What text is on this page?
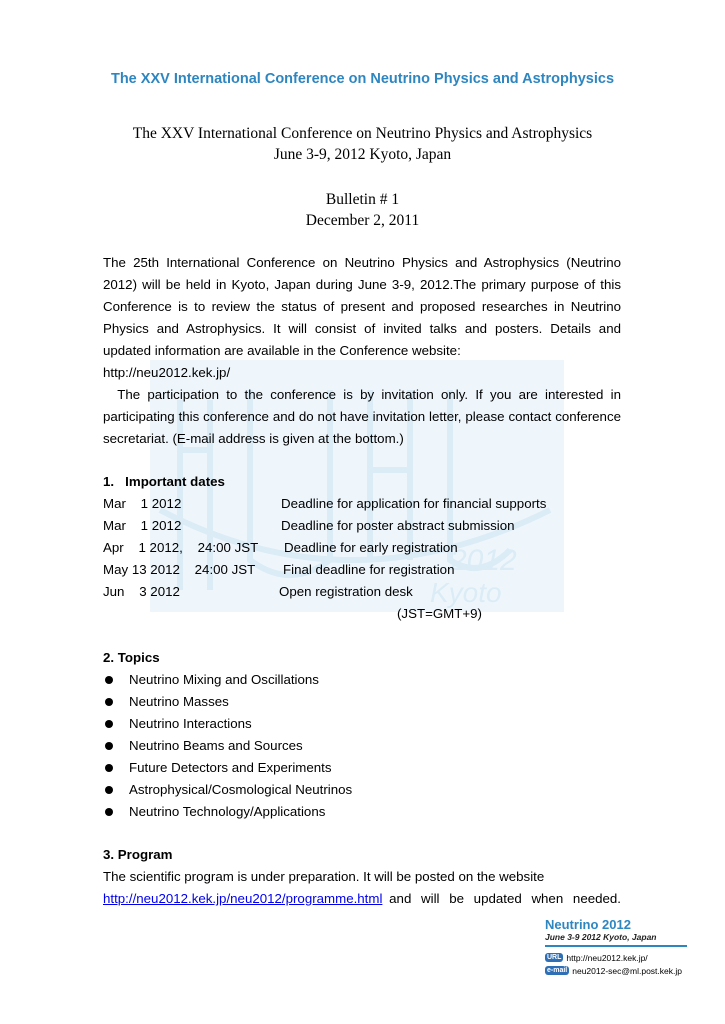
2012
Kyoto
The XXV International Conference on Neutrino Physics and Astrophysics
The XXV International Conference on Neutrino Physics and Astrophysics
June 3-9, 2012 Kyoto, Japan
Bulletin # 1
December 2, 2011

The 25th International Conference on Neutrino Physics and Astrophysics (Neutrino

2012) will be held in Kyoto, Japan during June 3-9, 2012.The primary purpose of this

Conference is to review the status of present and proposed researches in Neutrino

Physics and Astrophysics. It will consist of invited talks and posters. Details and

updated information are available in the Conference website:

http://neu2012.kek.jp/

The participation to the conference is by invitation only. If you are interested in

participating this conference and do not have invitation letter, please contact conference

secretariat. (E-mail address is given at the bottom.)

1.   Important dates
Mar    1 2012	Deadline for application for financial supports
Mar    1 2012	Deadline for poster abstract submission
Apr    1 2012,    24:00 JST Deadline for early registration
May 13 2012    24:00 JST Final deadline for registration
Jun    3 2012	Open registration desk
(JST=GMT+9)
2. Topics
Neutrino Mixing and Oscillations
Neutrino Masses
Neutrino Interactions
Neutrino Beams and Sources
Future Detectors and Experiments
Astrophysical/Cosmological Neutrinos
Neutrino Technology/Applications
3. Program
The scientific program is under preparation. It will be posted on the website
http://neu2012.kek.jp/neu2012/programme.html and will be updated when needed.
Neutrino 2012
June 3-9 2012 Kyoto, Japan
URL http://neu2012.kek.jp/
e-mail neu2012-sec@ml.post.kek.jp
